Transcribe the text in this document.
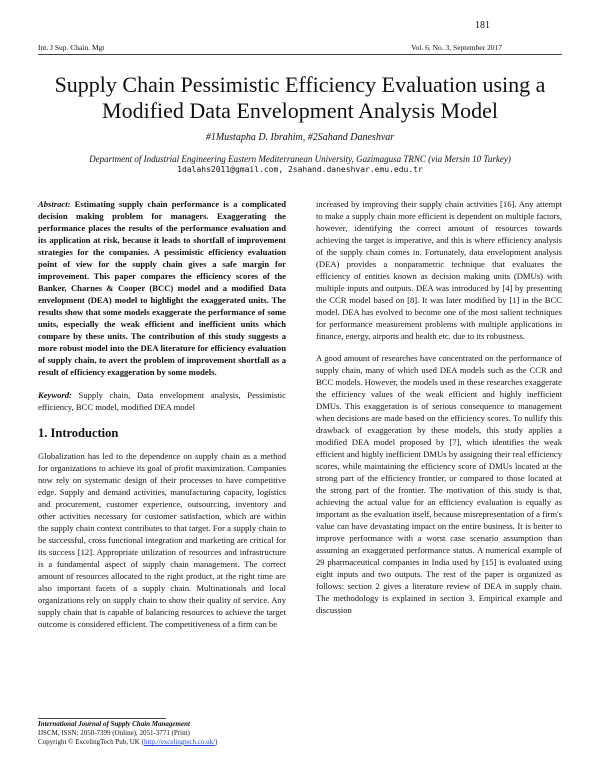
181
Int. J Sup. Chain. Mgt	Vol. 6, No. 3, September 2017
Supply Chain Pessimistic Efficiency Evaluation using a Modified Data Envelopment Analysis Model
#1Mustapha D. Ibrahim, #2Sahand Daneshvar
Department of Industrial Engineering Eastern Mediterranean University, Gazimagusa TRNC (via Mersin 10 Turkey)
1dalahs2011@gmail.com, 2sahand.daneshvar.emu.edu.tr

Abstract: Estimating supply chain performance is a complicated decision making problem for managers. Exaggerating the performance places the results of the performance evaluation and its application at risk, because it leads to shortfall of improvement strategies for the companies. A pessimistic efficiency evaluation point of view for the supply chain gives a safe margin for improvement. This paper compares the efficiency scores of the Banker, Charnes & Cooper (BCC) model and a modified Data envelopment (DEA) model to highlight the exaggerated units. The results show that some models exaggerate the performance of some units, especially the weak efficient and inefficient units which compare by these units. The contribution of this study suggests a more robust model into the DEA literature for efficiency evaluation of supply chain, to avert the problem of improvement shortfall as a result of efficiency exaggeration by some models.

Keyword: Supply chain, Data envelopment analysis, Pessimistic efficiency, BCC model, modified DEA model

1. Introduction

Globalization has led to the dependence on supply chain as a method for organizations to achieve its goal of profit maximization. Companies now rely on systematic design of their processes to have competitive edge. Supply and demand activities, manufacturing capacity, logistics and procurement, customer experience, outsourcing, inventory and other activities necessary for customer satisfaction, which are within the supply chain context contributes to that target. For a supply chain to be successful, cross functional integration and marketing are critical for its success [12]. Appropriate utilization of resources and infrastructure is a fundamental aspect of supply chain management. The correct amount of resources allocated to the right product, at the right time are also important facets of a supply chain. Multinationals and local organizations rely on supply chain to show their quality of service. Any supply chain that is capable of balancing resources to achieve the target outcome is considered efficient. The competitiveness of a firm can be

increased by improving their supply chain activities [16]. Any attempt to make a supply chain more efficient is dependent on multiple factors, however, identifying the correct amount of resources towards achieving the target is imperative, and this is where efficiency analysis of the supply chain comes in. Fortunately, data envelopment analysis (DEA) provides a nonparametric technique that evaluates the efficiency of entities known as decision making units (DMUs) with multiple inputs and outputs. DEA was introduced by [4] by presenting the CCR model based on [8]. It was later modified by [1] in the BCC model. DEA has evolved to become one of the most salient techniques for performance measurement problems with multiple applications in finance, energy, airports and health etc. due to its robustness.

A good amount of researches have concentrated on the performance of supply chain, many of which used DEA models such as the CCR and BCC models. However, the models used in these researches exaggerate the efficiency values of the weak efficient and highly inefficient DMUs. This exaggeration is of serious consequence to management when decisions are made based on the efficiency scores. To nullify this drawback of exaggeration by these models, this study applies a modified DEA model proposed by [7], which identifies the weak efficient and highly inefficient DMUs by assigning their real efficiency scores, while maintaining the efficiency score of DMUs located at the strong part of the efficiency frontier, or compared to those located at the strong part of the frontier. The motivation of this study is that, achieving the actual value for an efficiency evaluation is equally as important as the evaluation itself, because misrepresentation of a firm's value can have devastating impact on the entire business. It is better to improve performance with a worst case scenario assumption than assuming an exaggerated performance status. A numerical example of 29 pharmaceutical companies in India used by [15] is evaluated using eight inputs and two outputs. The rest of the paper is organized as follows: section 2 gives a literature review of DEA in supply chain. The methodology is explained in section 3. Empirical example and discussion

International Journal of Supply Chain Management
IJSCM, ISSN: 2050-7399 (Online), 2051-3771 (Print)
Copyright © ExcelingTech Pub, UK (http://excelingtech.co.uk/)
